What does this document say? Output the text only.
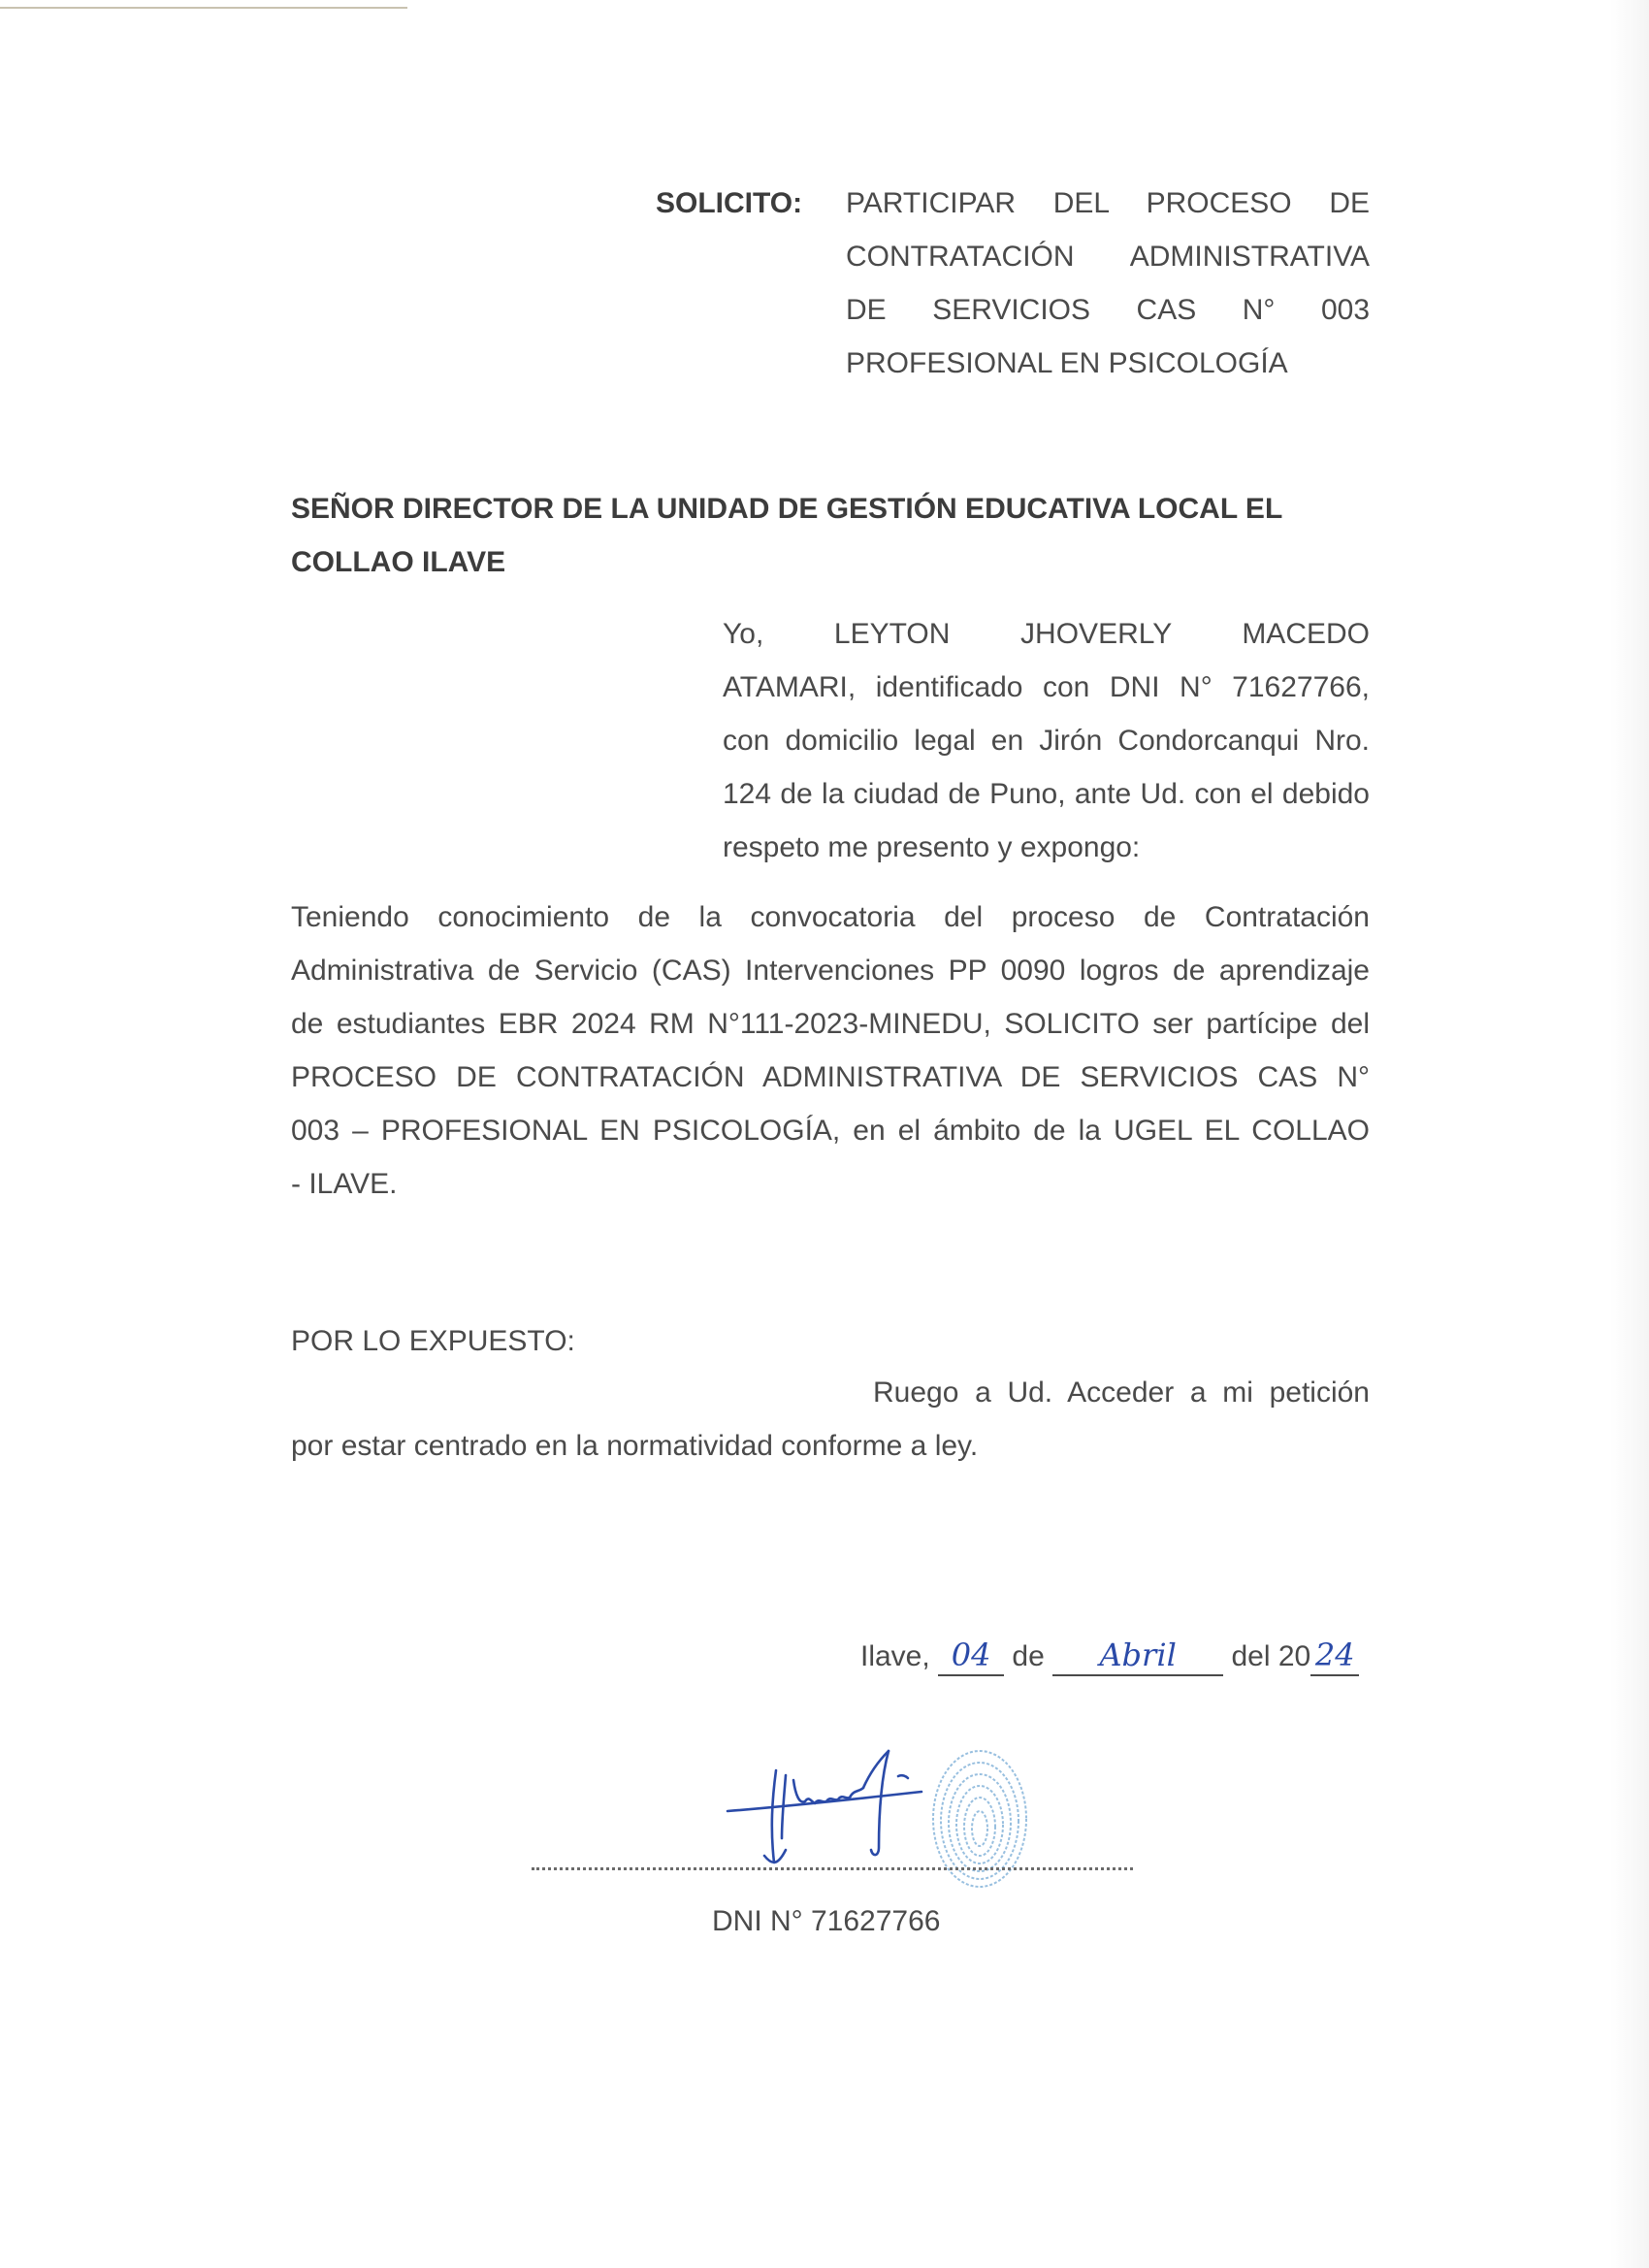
SOLICITO:	PARTICIPAR DEL PROCESO DE
CONTRATACIÓN ADMINISTRATIVA
DE SERVICIOS CAS N° 003
PROFESIONAL EN PSICOLOGÍA
SEÑOR DIRECTOR DE LA UNIDAD DE GESTIÓN EDUCATIVA LOCAL EL
COLLAO ILAVE
Yo, LEYTON JHOVERLY MACEDO
ATAMARI, identificado con DNI N° 71627766,
con domicilio legal en Jirón Condorcanqui Nro.
124 de la ciudad de Puno, ante Ud. con el debido
respeto me presento y expongo:
Teniendo conocimiento de la convocatoria del proceso de Contratación
Administrativa de Servicio (CAS) Intervenciones PP 0090 logros de aprendizaje
de estudiantes EBR 2024 RM N°111-2023-MINEDU, SOLICITO ser partícipe del
PROCESO DE CONTRATACIÓN ADMINISTRATIVA DE SERVICIOS CAS N°
003 – PROFESIONAL EN PSICOLOGÍA, en el ámbito de la UGEL EL COLLAO
- ILAVE.

POR LO EXPUESTO:

Ruego a Ud. Acceder a mi petición

por estar centrado en la normatividad conforme a ley.

Ilave, 04 de Abril del 20 24

DNI N° 71627766
